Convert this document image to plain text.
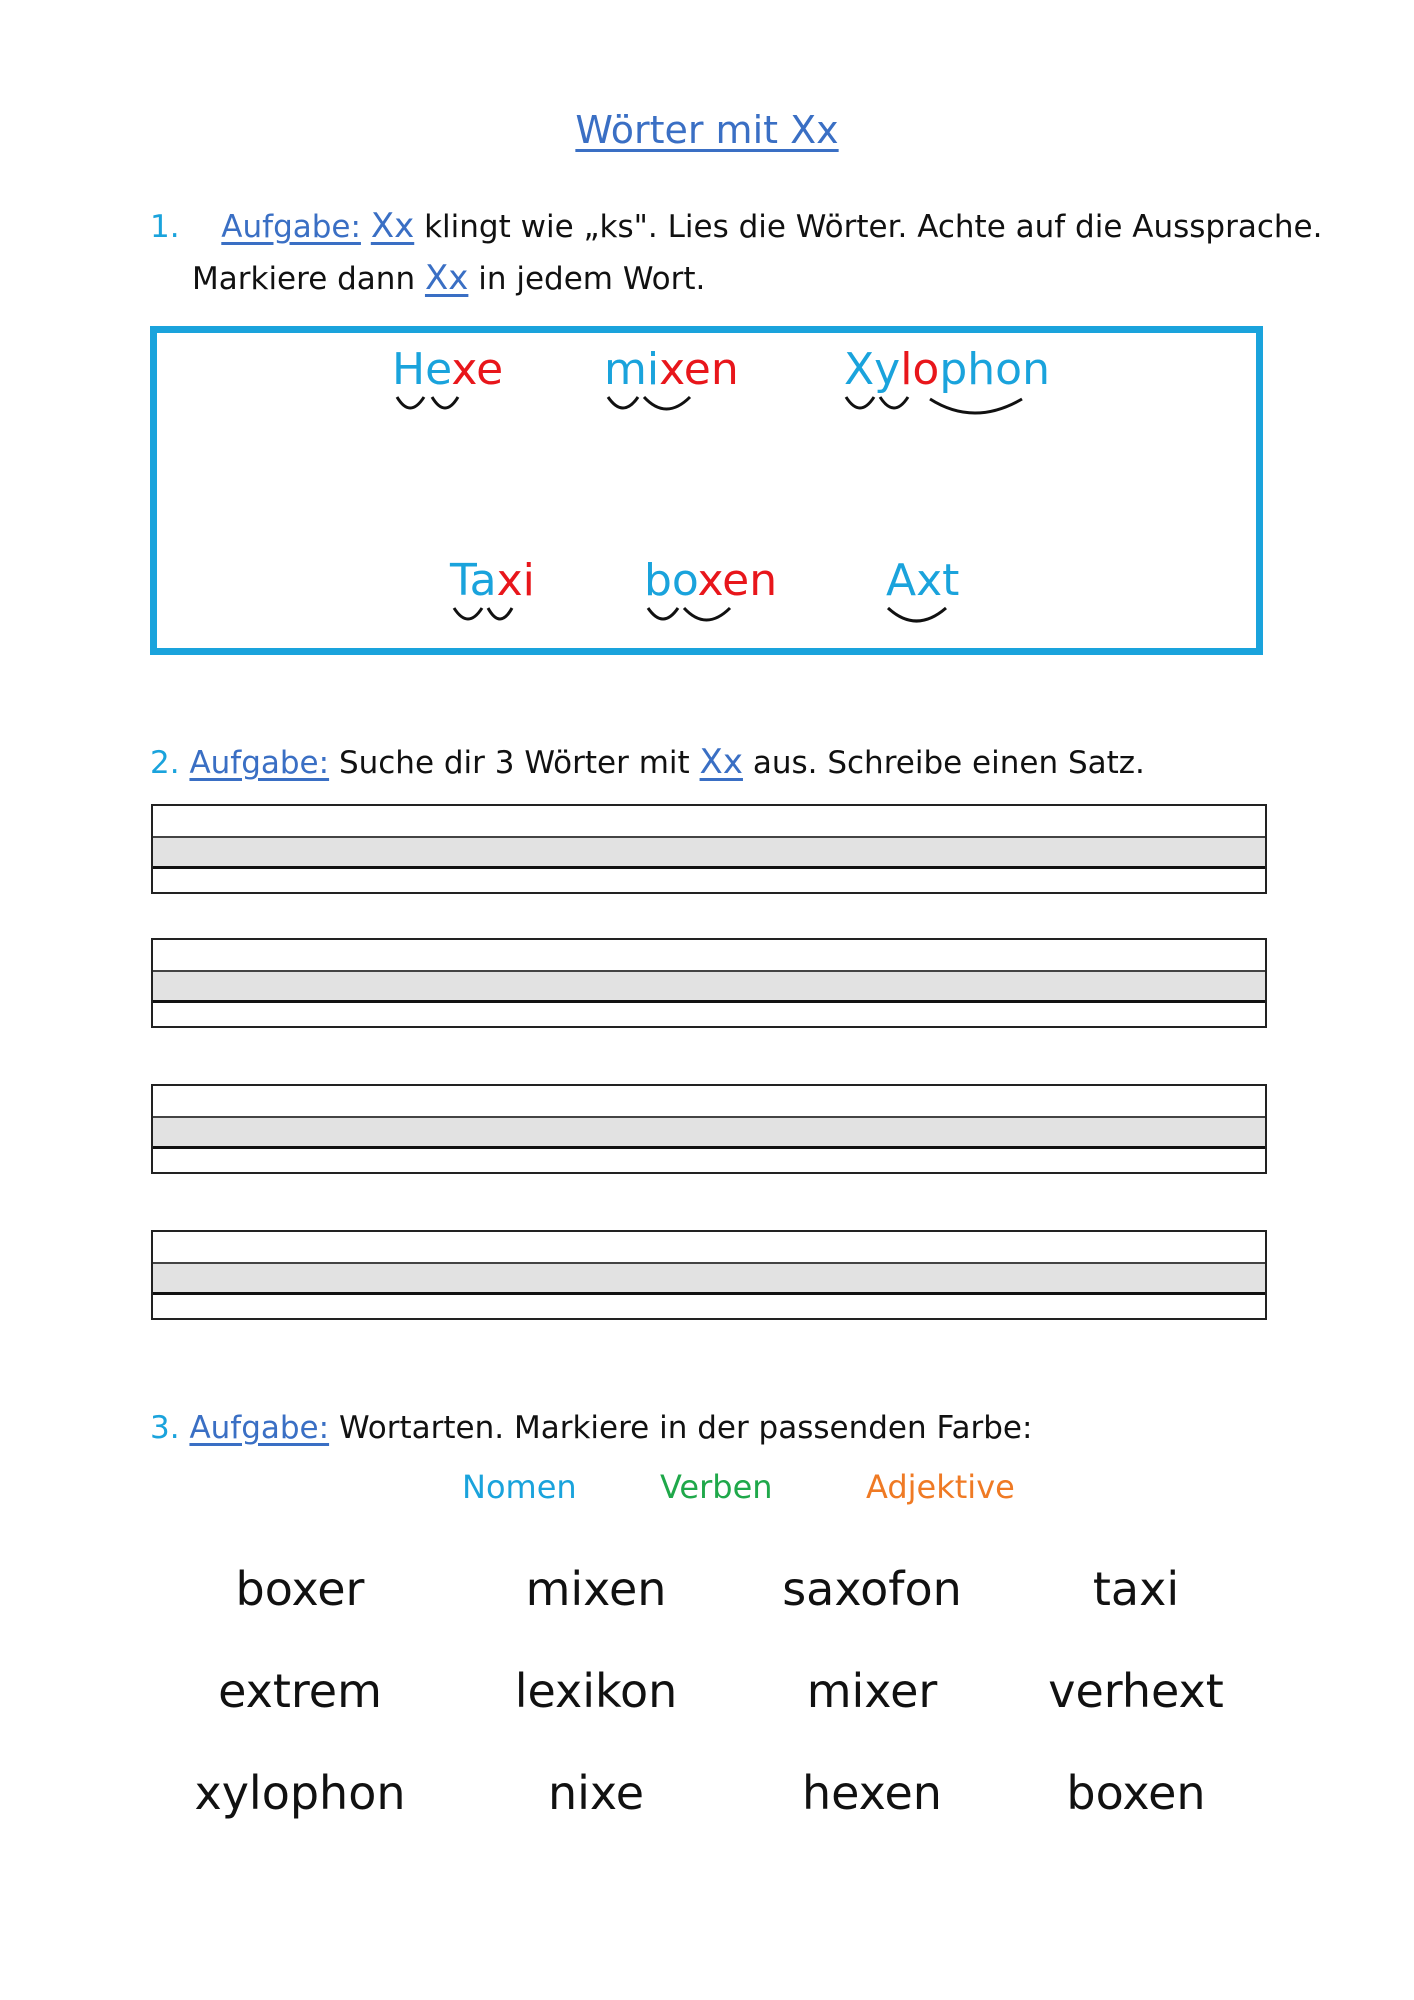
Wörter mit Xx
1. Aufgabe: Xx klingt wie „ks". Lies die Wörter. Achte auf die Aussprache.
Markiere dann Xx in jedem Wort.
Hexe mixen Xylophon
Taxi boxen Axt
2. Aufgabe: Suche dir 3 Wörter mit Xx aus. Schreibe einen Satz.
3. Aufgabe: Wortarten. Markiere in der passenden Farbe:
Nomen	Verben	Adjektive
boxer	mixen	saxofon	taxi
extrem	lexikon	mixer	verhext
xylophon	nixe	hexen	boxen
